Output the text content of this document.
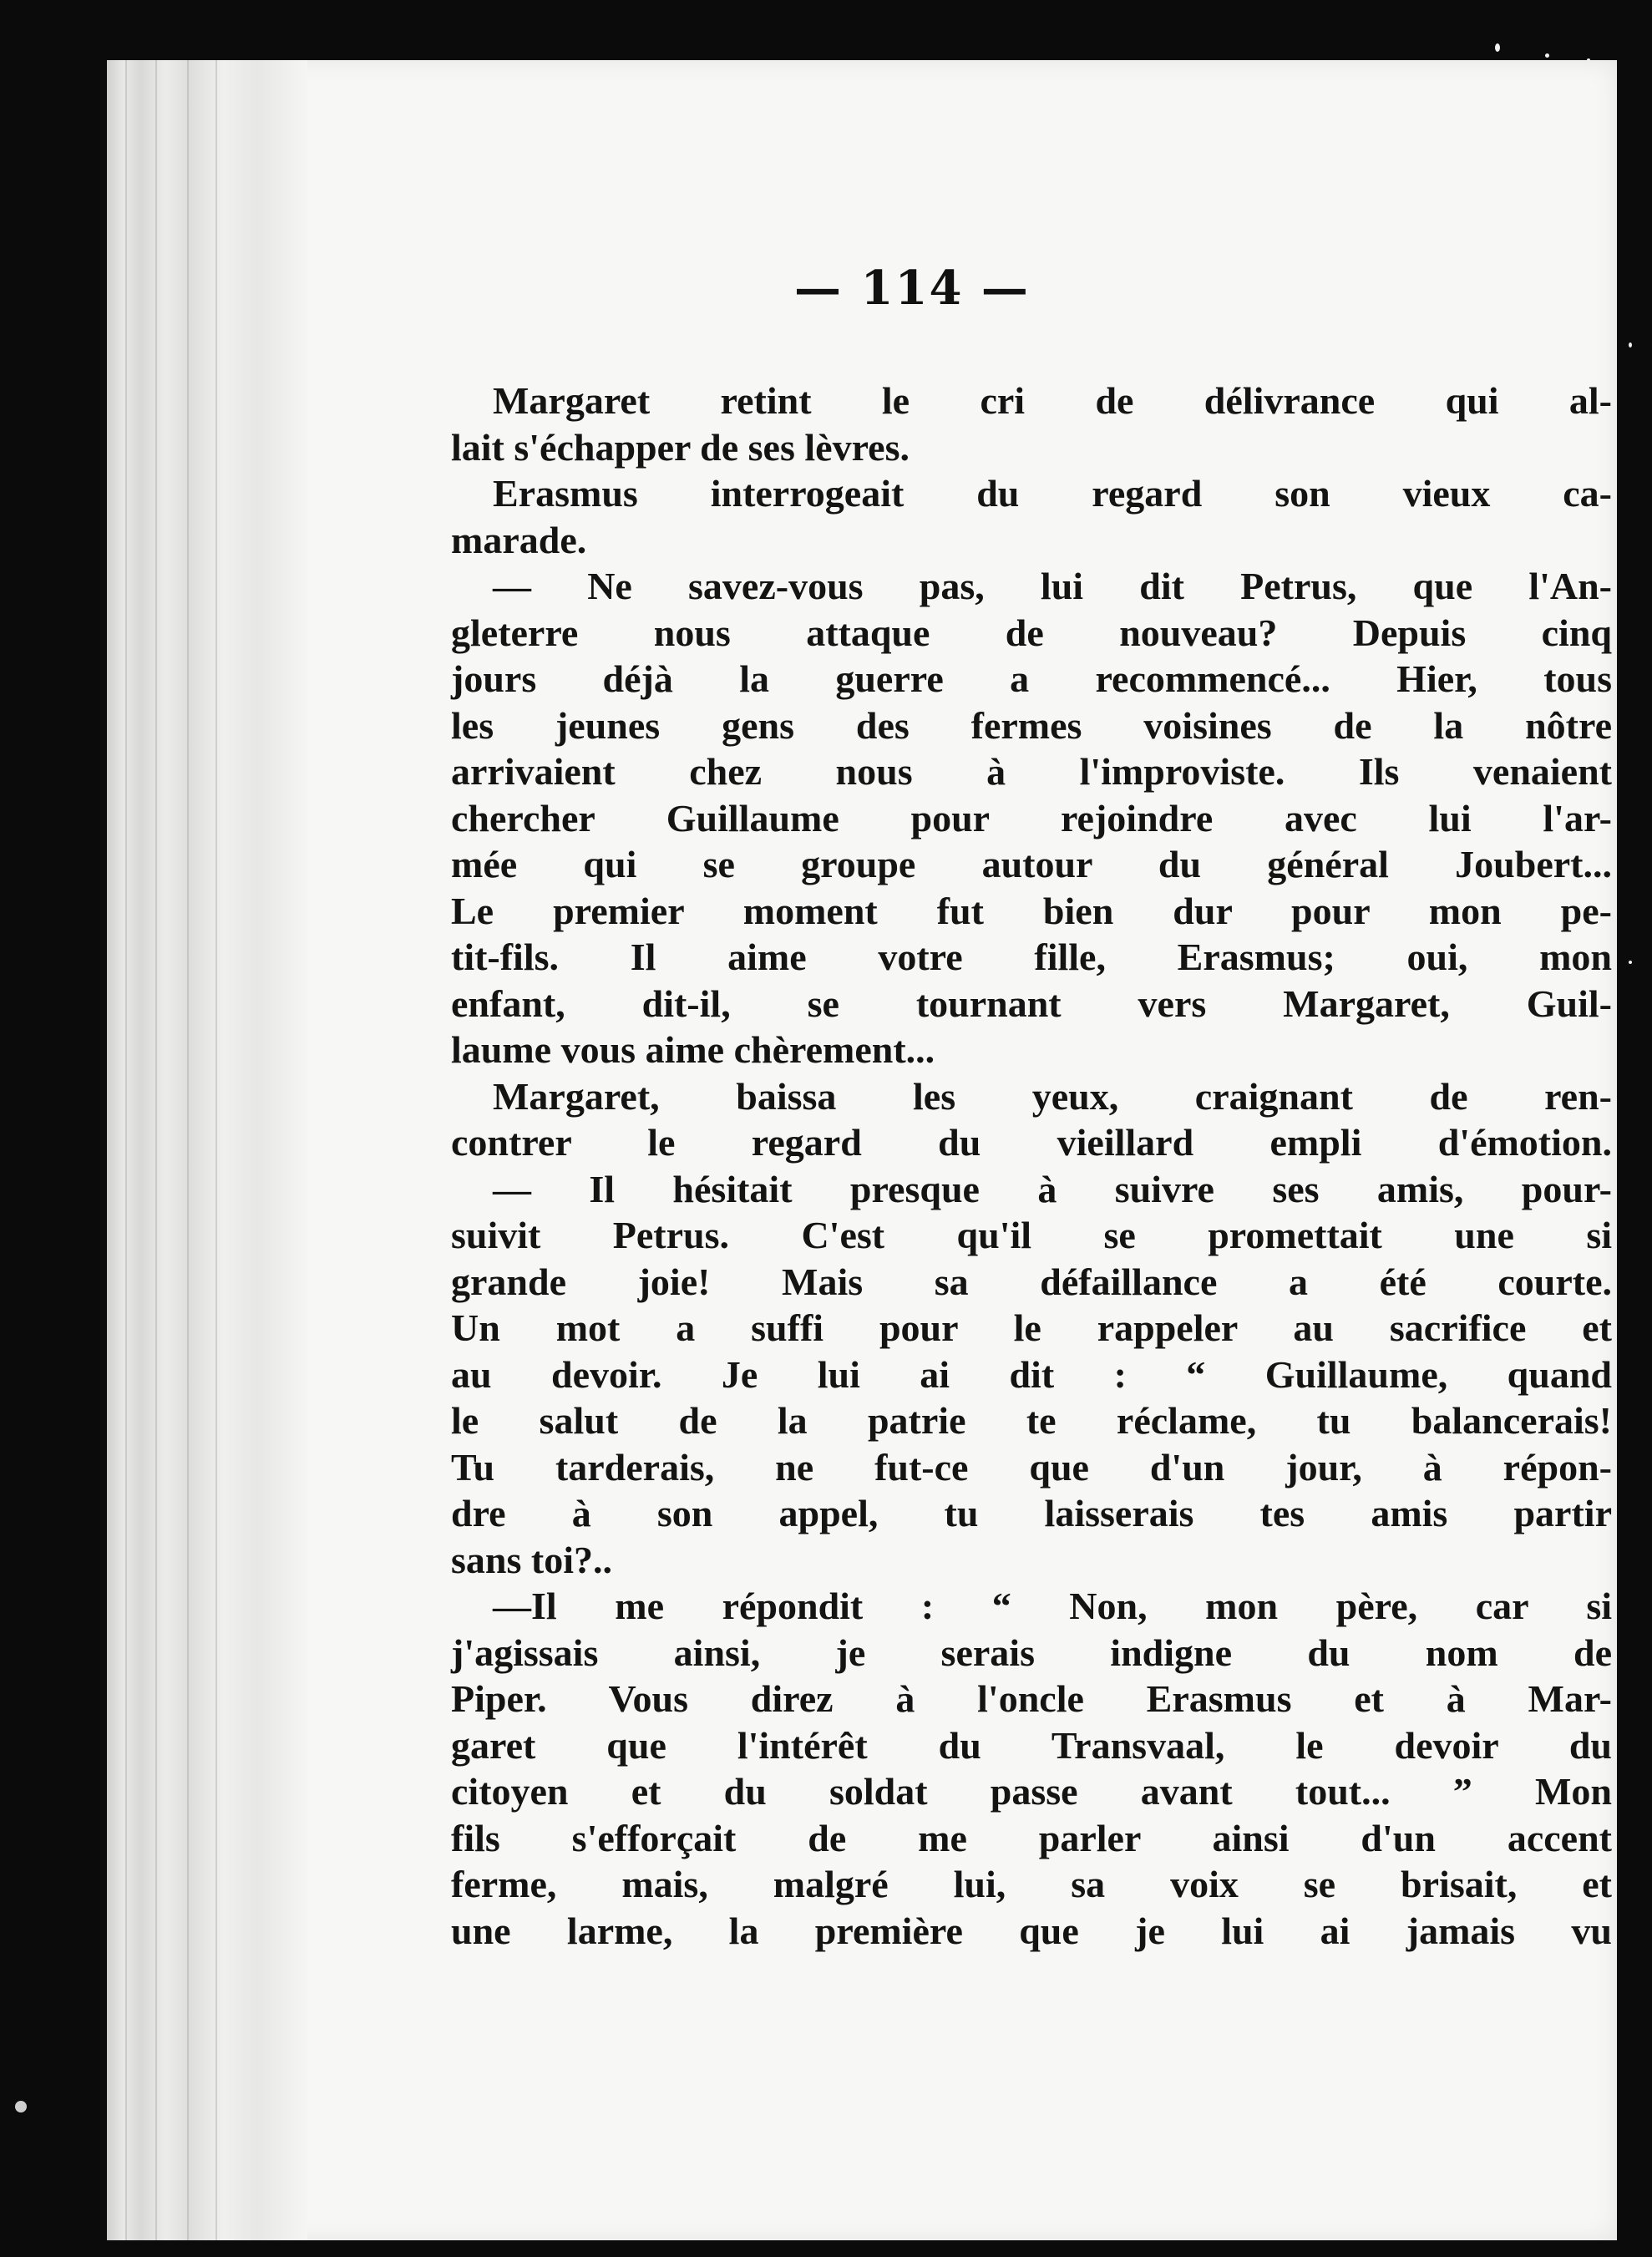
— 114 —
Margaret retint le cri de délivrance qui al-
lait s'échapper de ses lèvres.
Erasmus interrogeait du regard son vieux ca-
marade.
— Ne savez-vous pas, lui dit Petrus, que l'An-
gleterre nous attaque de nouveau? Depuis cinq
jours déjà la guerre a recommencé... Hier, tous
les jeunes gens des fermes voisines de la nôtre
arrivaient chez nous à l'improviste. Ils venaient
chercher Guillaume pour rejoindre avec lui l'ar-
mée qui se groupe autour du général Joubert...
Le premier moment fut bien dur pour mon pe-
tit-fils. Il aime votre fille, Erasmus; oui, mon
enfant, dit-il, se tournant vers Margaret, Guil-
laume vous aime chèrement...
Margaret, baissa les yeux, craignant de ren-
contrer le regard du vieillard empli d'émotion.
— Il hésitait presque à suivre ses amis, pour-
suivit Petrus. C'est qu'il se promettait une si
grande joie! Mais sa défaillance a été courte.
Un mot a suffi pour le rappeler au sacrifice et
au devoir. Je lui ai dit : “ Guillaume, quand
le salut de la patrie te réclame, tu balancerais!
Tu tarderais, ne fut-ce que d'un jour, à répon-
dre à son appel, tu laisserais tes amis partir
sans toi?..
—Il me répondit : “ Non, mon père, car si
j'agissais ainsi, je serais indigne du nom de
Piper. Vous direz à l'oncle Erasmus et à Mar-
garet que l'intérêt du Transvaal, le devoir du
citoyen et du soldat passe avant tout... ” Mon
fils s'efforçait de me parler ainsi d'un accent
ferme, mais, malgré lui, sa voix se brisait, et
une larme, la première que je lui ai jamais vu
